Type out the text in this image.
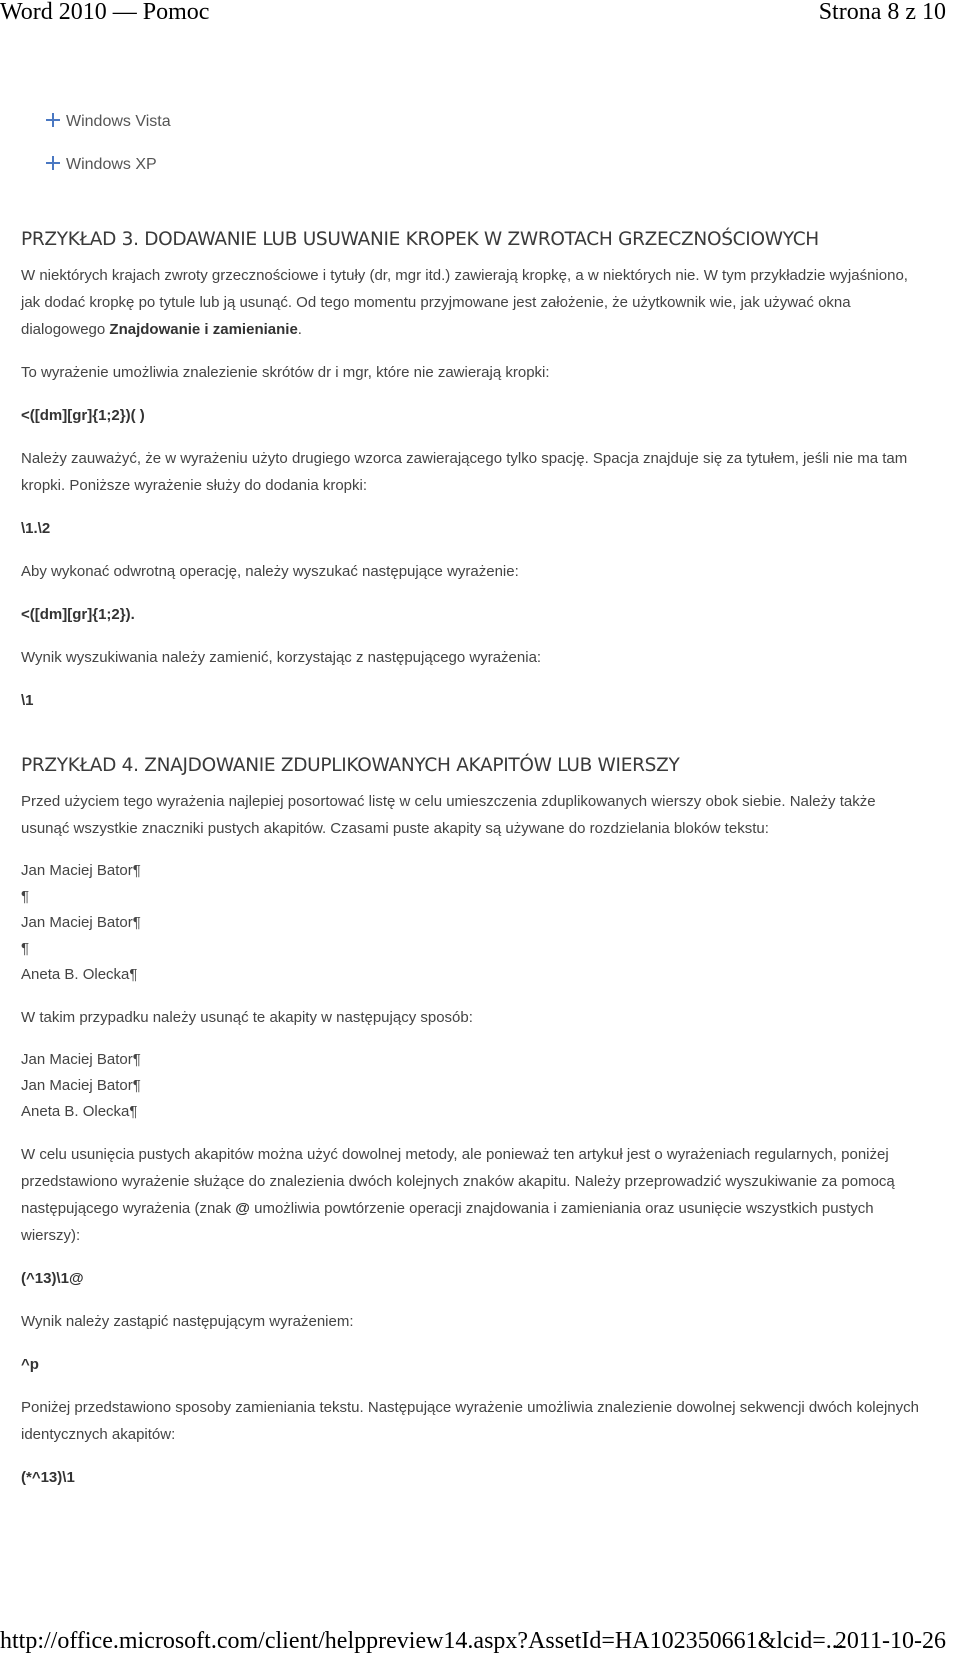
Word 2010 — Pomoc	Strona 8 z 10
Windows Vista
Windows XP
PRZYKŁAD 3. DODAWANIE LUB USUWANIE KROPEK W ZWROTACH GRZECZNOŚCIOWYCH

W niektórych krajach zwroty grzecznościowe i tytuły (dr, mgr itd.) zawierają kropkę, a w niektórych nie. W tym przykładzie wyjaśniono, jak dodać kropkę po tytule lub ją usunąć. Od tego momentu przyjmowane jest założenie, że użytkownik wie, jak używać okna dialogowego Znajdowanie i zamienianie.

To wyrażenie umożliwia znalezienie skrótów dr i mgr, które nie zawierają kropki:

<([dm][gr]{1;2})( )

Należy zauważyć, że w wyrażeniu użyto drugiego wzorca zawierającego tylko spację. Spacja znajduje się za tytułem, jeśli nie ma tam kropki. Poniższe wyrażenie służy do dodania kropki:

\1.\2

Aby wykonać odwrotną operację, należy wyszukać następujące wyrażenie:

<([dm][gr]{1;2}).

Wynik wyszukiwania należy zamienić, korzystając z następującego wyrażenia:

\1

PRZYKŁAD 4. ZNAJDOWANIE ZDUPLIKOWANYCH AKAPITÓW LUB WIERSZY

Przed użyciem tego wyrażenia najlepiej posortować listę w celu umieszczenia zduplikowanych wierszy obok siebie. Należy także usunąć wszystkie znaczniki pustych akapitów. Czasami puste akapity są używane do rozdzielania bloków tekstu:

Jan Maciej Bator¶
¶
Jan Maciej Bator¶
¶
Aneta B. Olecka¶

W takim przypadku należy usunąć te akapity w następujący sposób:

Jan Maciej Bator¶
Jan Maciej Bator¶
Aneta B. Olecka¶

W celu usunięcia pustych akapitów można użyć dowolnej metody, ale ponieważ ten artykuł jest o wyrażeniach regularnych, poniżej przedstawiono wyrażenie służące do znalezienia dwóch kolejnych znaków akapitu. Należy przeprowadzić wyszukiwanie za pomocą następującego wyrażenia (znak @ umożliwia powtórzenie operacji znajdowania i zamieniania oraz usunięcie wszystkich pustych wierszy):

(^13)\1@

Wynik należy zastąpić następującym wyrażeniem:

^p

Poniżej przedstawiono sposoby zamieniania tekstu. Następujące wyrażenie umożliwia znalezienie dowolnej sekwencji dwóch kolejnych identycznych akapitów:

(*^13)\1

http://office.microsoft.com/client/helppreview14.aspx?AssetId=HA102350661&lcid=...
2011-10-26
